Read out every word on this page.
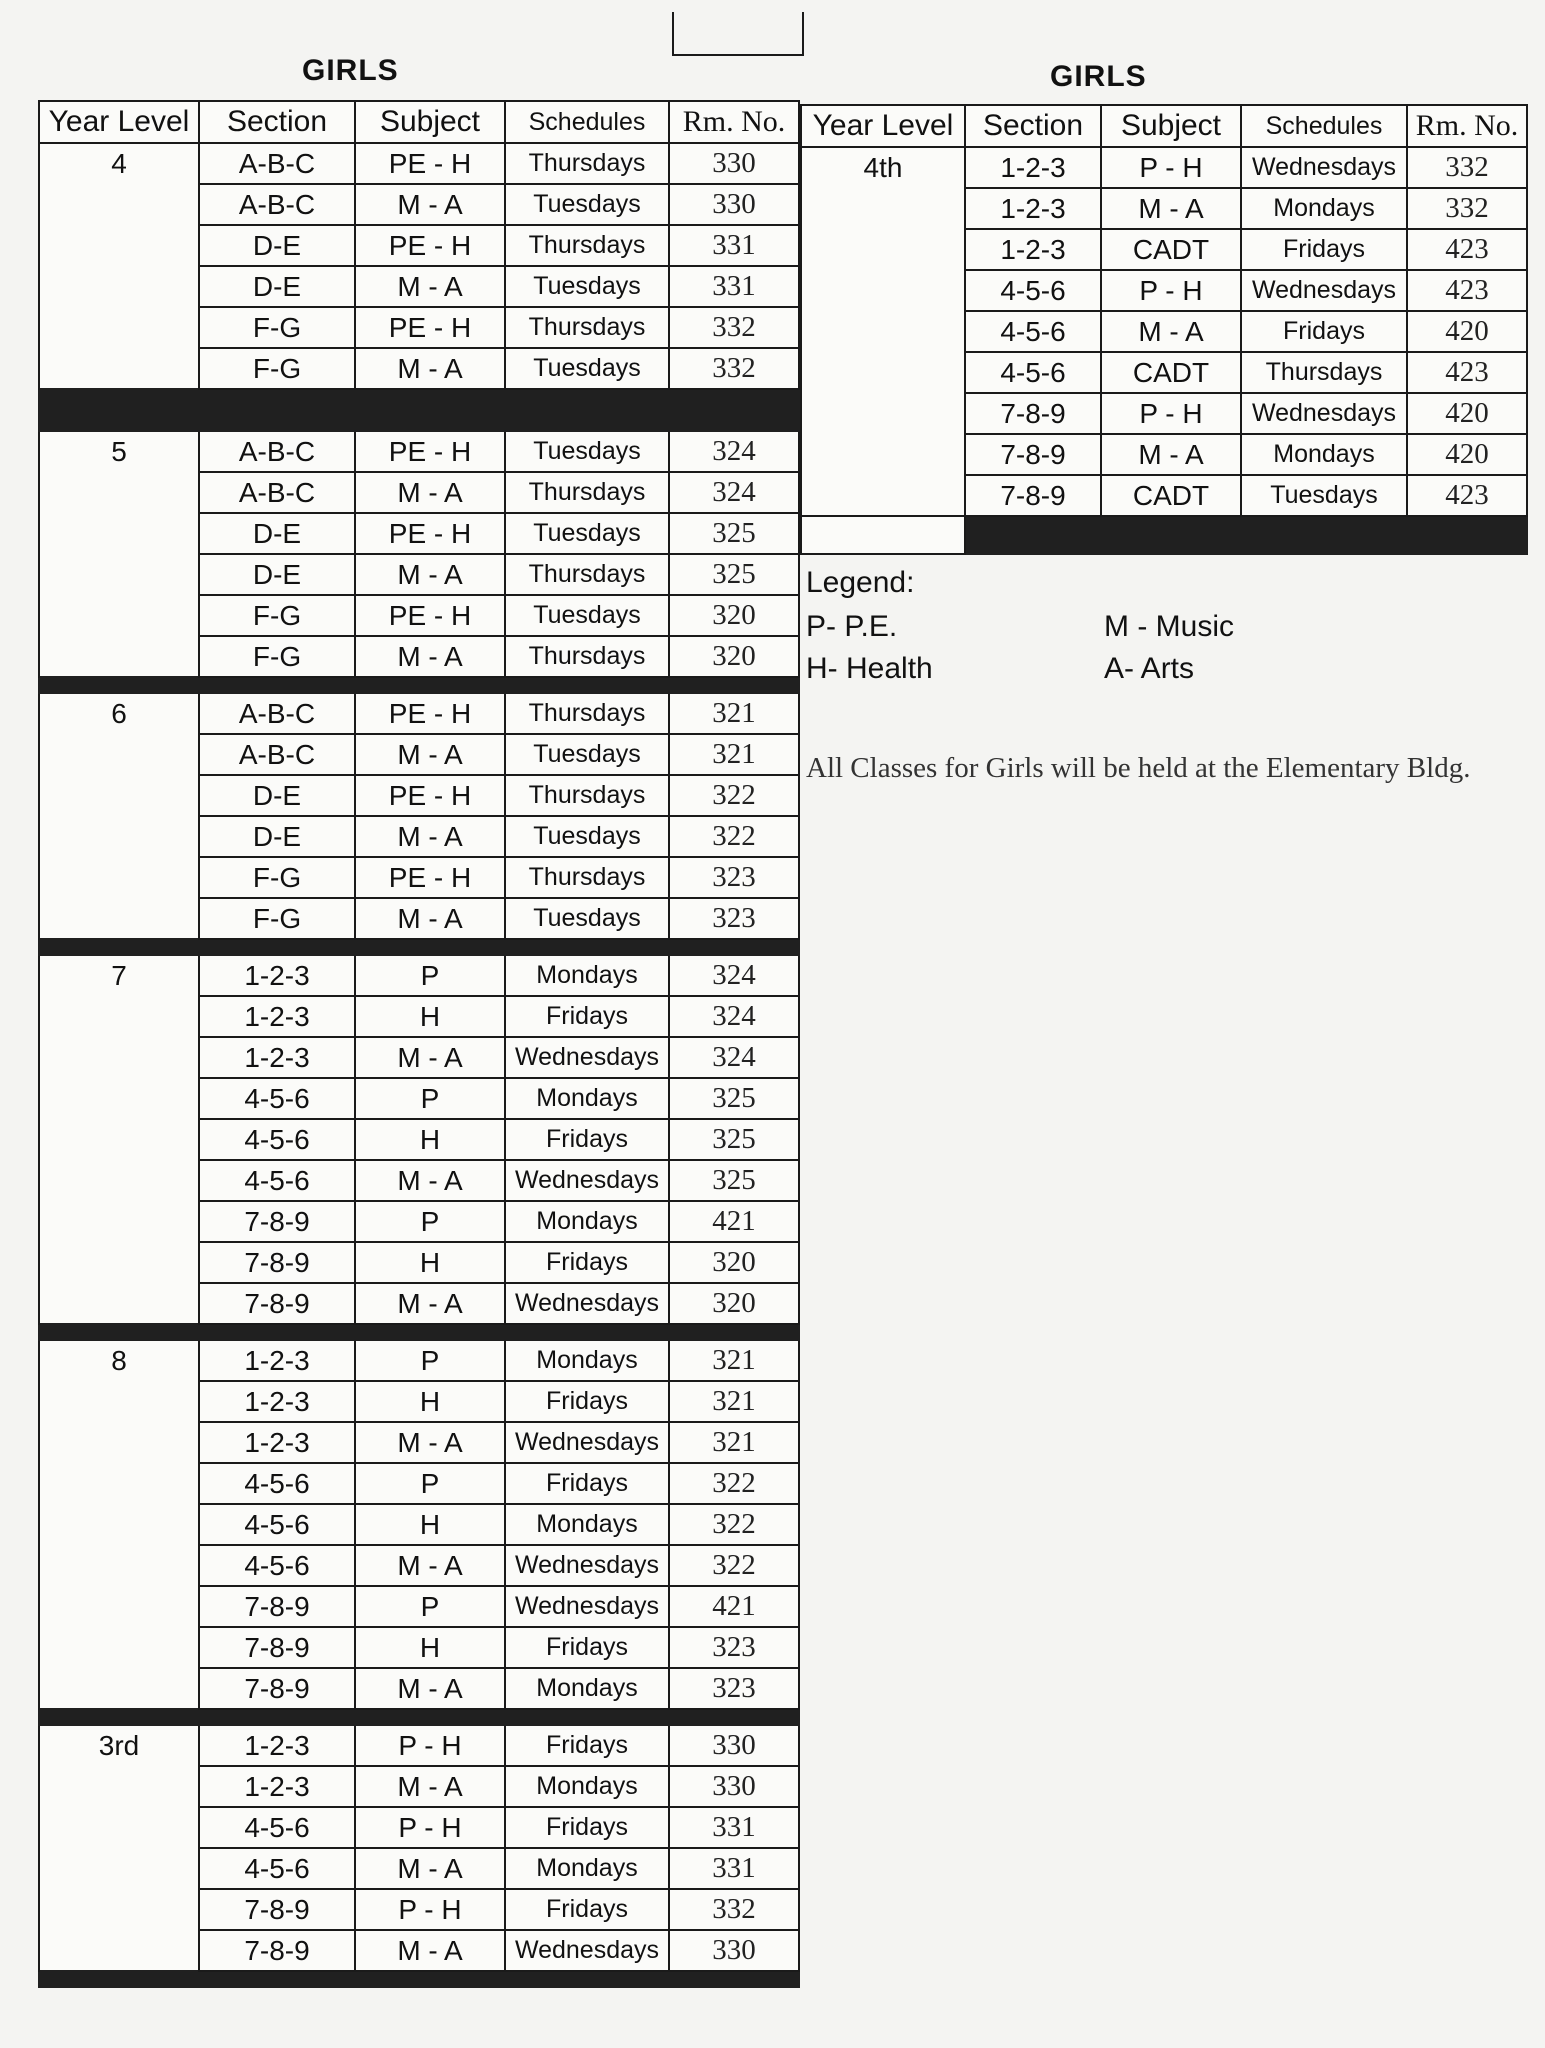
GIRLS	GIRLS
Year Level	Section	Subject	Schedules	Rm. No.
4	A-B-C	PE - H	Thursdays	330
	A-B-C	M - A	Tuesdays	330
	D-E	PE - H	Thursdays	331
	D-E	M - A	Tuesdays	331
	F-G	PE - H	Thursdays	332
	F-G	M - A	Tuesdays	332

5	A-B-C	PE - H	Tuesdays	324
	A-B-C	M - A	Thursdays	324
	D-E	PE - H	Tuesdays	325
	D-E	M - A	Thursdays	325
	F-G	PE - H	Tuesdays	320
	F-G	M - A	Thursdays	320

6	A-B-C	PE - H	Thursdays	321
	A-B-C	M - A	Tuesdays	321
	D-E	PE - H	Thursdays	322
	D-E	M - A	Tuesdays	322
	F-G	PE - H	Thursdays	323
	F-G	M - A	Tuesdays	323

7	1-2-3	P	Mondays	324
	1-2-3	H	Fridays	324
	1-2-3	M - A	Wednesdays	324
	4-5-6	P	Mondays	325
	4-5-6	H	Fridays	325
	4-5-6	M - A	Wednesdays	325
	7-8-9	P	Mondays	421
	7-8-9	H	Fridays	320
	7-8-9	M - A	Wednesdays	320

8	1-2-3	P	Mondays	321
	1-2-3	H	Fridays	321
	1-2-3	M - A	Wednesdays	321
	4-5-6	P	Fridays	322
	4-5-6	H	Mondays	322
	4-5-6	M - A	Wednesdays	322
	7-8-9	P	Wednesdays	421
	7-8-9	H	Fridays	323
	7-8-9	M - A	Mondays	323

3rd	1-2-3	P - H	Fridays	330
	1-2-3	M - A	Mondays	330
	4-5-6	P - H	Fridays	331
	4-5-6	M - A	Mondays	331
	7-8-9	P - H	Fridays	332
	7-8-9	M - A	Wednesdays	330

Year Level	Section	Subject	Schedules	Rm. No.
4th	1-2-3	P - H	Wednesdays	332
	1-2-3	M - A	Mondays	332
	1-2-3	CADT	Fridays	423
	4-5-6	P - H	Wednesdays	423
	4-5-6	M - A	Fridays	420
	4-5-6	CADT	Thursdays	423
	7-8-9	P - H	Wednesdays	420
	7-8-9	M - A	Mondays	420
	7-8-9	CADT	Tuesdays	423

Legend:
P- P.E.	M - Music
H- Health	A- Arts
All Classes for Girls will be held at the Elementary Bldg.
